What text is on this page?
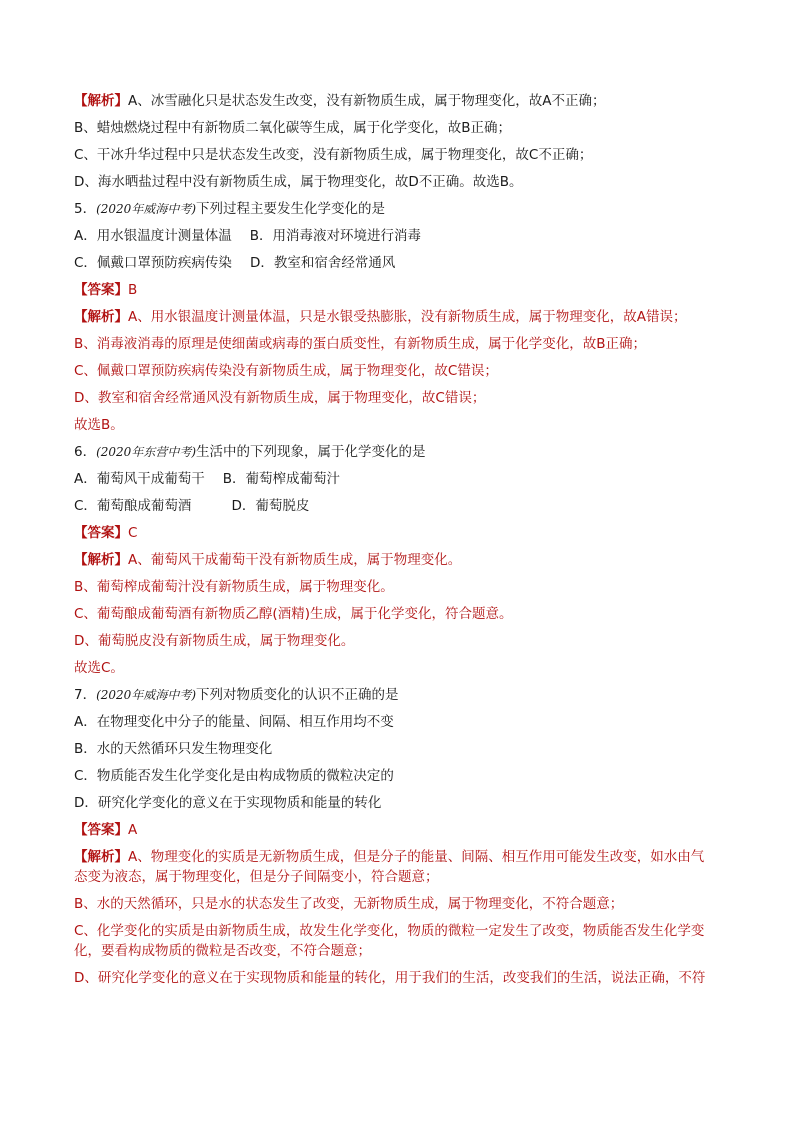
【解析】A、冰雪融化只是状态发生改变，没有新物质生成，属于物理变化，故A不正确；
B、蜡烛燃烧过程中有新物质二氧化碳等生成，属于化学变化，故B正确；
C、干冰升华过程中只是状态发生改变，没有新物质生成，属于物理变化，故C不正确；
D、海水晒盐过程中没有新物质生成，属于物理变化，故D不正确。故选B。
5．(2020年威海中考)下列过程主要发生化学变化的是
A．用水银温度计测量体温 B．用消毒液对环境进行消毒
C．佩戴口罩预防疾病传染 D．教室和宿舍经常通风
【答案】B
【解析】A、用水银温度计测量体温，只是水银受热膨胀，没有新物质生成，属于物理变化，故A错误；
B、消毒液消毒的原理是使细菌或病毒的蛋白质变性，有新物质生成，属于化学变化，故B正确；
C、佩戴口罩预防疾病传染没有新物质生成，属于物理变化，故C错误；
D、教室和宿舍经常通风没有新物质生成，属于物理变化，故C错误；
故选B。
6．(2020年东营中考)生活中的下列现象，属于化学变化的是
A．葡萄风干成葡萄干 B．葡萄榨成葡萄汁
C．葡萄酿成葡萄酒	D．葡萄脱皮
【答案】C
【解析】A、葡萄风干成葡萄干没有新物质生成，属于物理变化。
B、葡萄榨成葡萄汁没有新物质生成，属于物理变化。
C、葡萄酿成葡萄酒有新物质乙醇(酒精)生成，属于化学变化，符合题意。
D、葡萄脱皮没有新物质生成，属于物理变化。
故选C。
7．(2020年威海中考)下列对物质变化的认识不正确的是
A．在物理变化中分子的能量、间隔、相互作用均不变
B．水的天然循环只发生物理变化
C．物质能否发生化学变化是由构成物质的微粒决定的
D．研究化学变化的意义在于实现物质和能量的转化
【答案】A
【解析】A、物理变化的实质是无新物质生成，但是分子的能量、间隔、相互作用可能发生改变，如水由气
态变为液态，属于物理变化，但是分子间隔变小，符合题意；
B、水的天然循环，只是水的状态发生了改变，无新物质生成，属于物理变化，不符合题意；
C、化学变化的实质是由新物质生成，故发生化学变化，物质的微粒一定发生了改变，物质能否发生化学变
化，要看构成物质的微粒是否改变，不符合题意；
D、研究化学变化的意义在于实现物质和能量的转化，用于我们的生活，改变我们的生活，说法正确，不符
